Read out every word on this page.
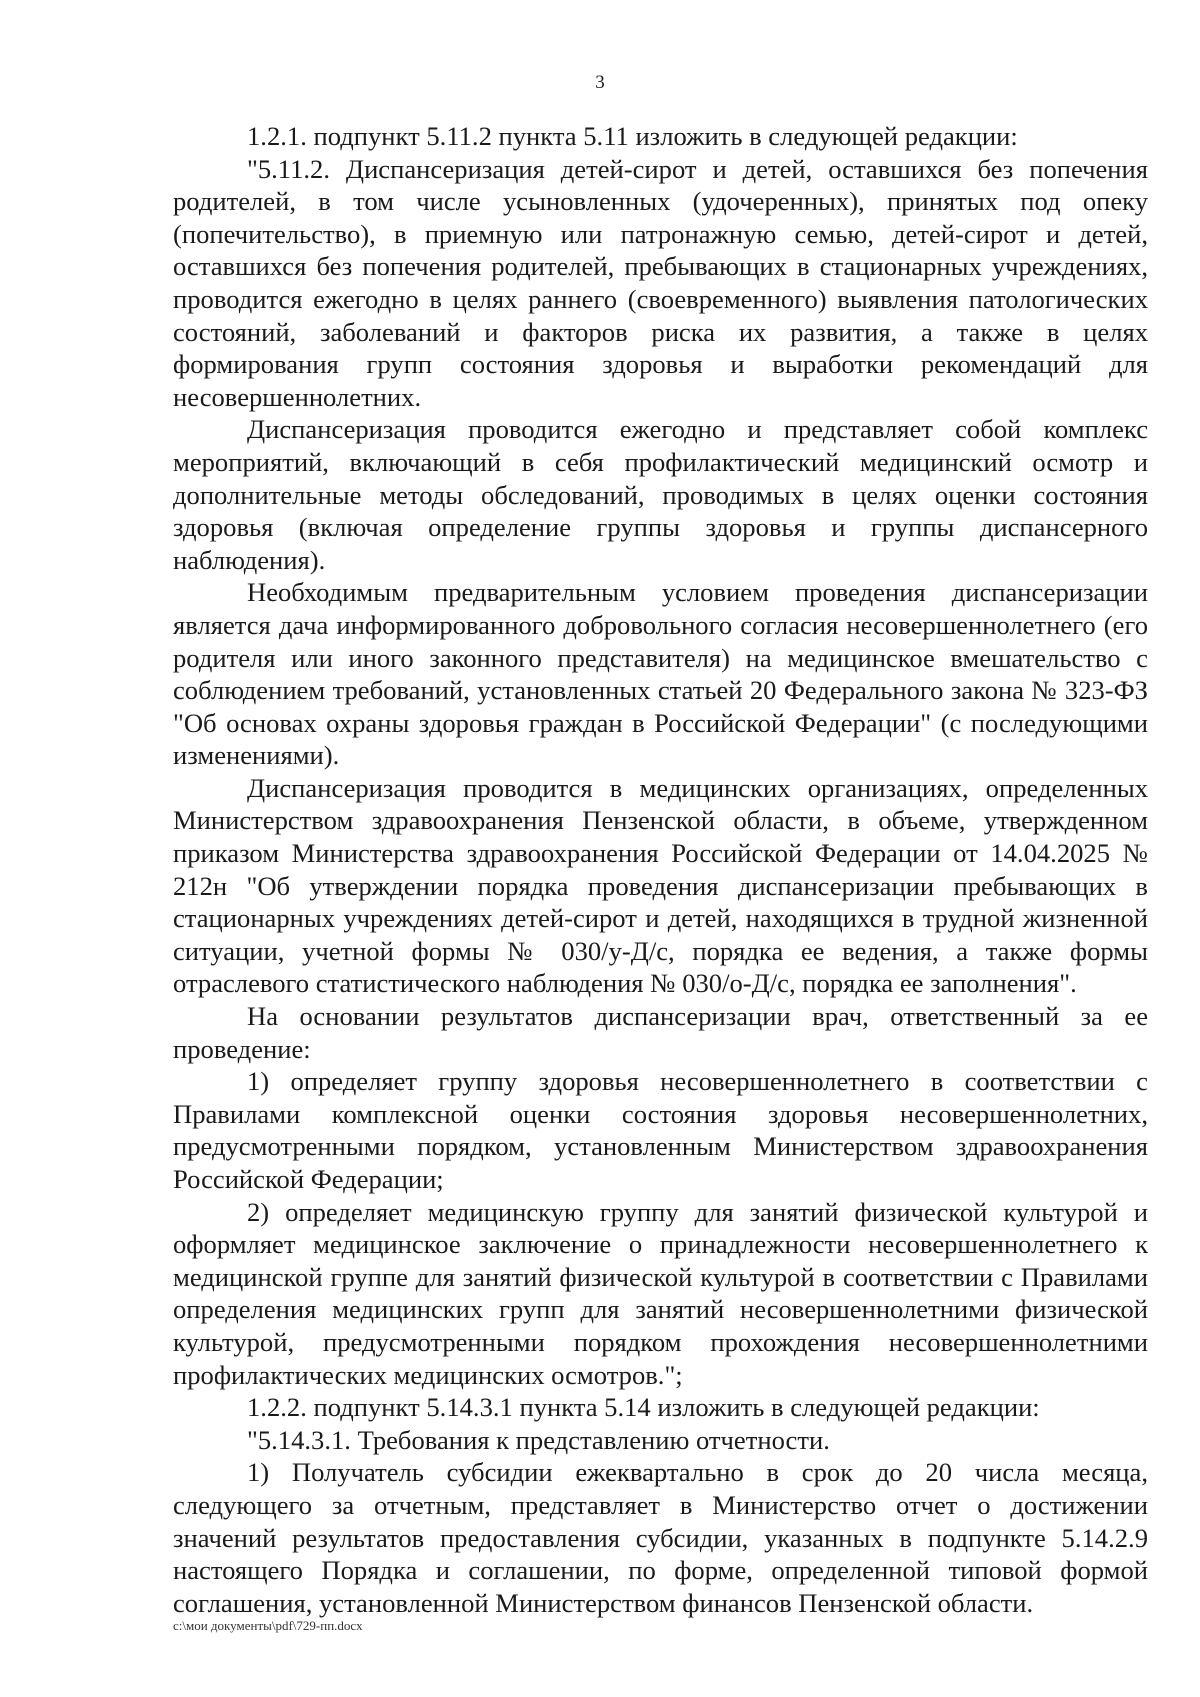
3

1.2.1. подпункт 5.11.2 пункта 5.11 изложить в следующей редакции:

"5.11.2. Диспансеризация детей-сирот и детей, оставшихся без попечения родителей, в том числе усыновленных (удочеренных), принятых под опеку (попечительство), в приемную или патронажную семью, детей-сирот и детей, оставшихся без попечения родителей, пребывающих в стационарных учреждениях, проводится ежегодно в целях раннего (своевременного) выявления патологических состояний, заболеваний и факторов риска их развития, а также в целях формирования групп состояния здоровья и выработки рекомендаций для несовершеннолетних.

Диспансеризация проводится ежегодно и представляет собой комплекс мероприятий, включающий в себя профилактический медицинский осмотр и дополнительные методы обследований, проводимых в целях оценки состояния здоровья (включая определение группы здоровья и группы диспансерного наблюдения).

Необходимым предварительным условием проведения диспансеризации является дача информированного добровольного согласия несовершеннолетнего (его родителя или иного законного представителя) на медицинское вмешательство с соблюдением требований, установленных статьей 20 Федерального закона № 323-ФЗ "Об основах охраны здоровья граждан в Российской Федерации" (с последующими изменениями).

Диспансеризация проводится в медицинских организациях, определенных Министерством здравоохранения Пензенской области, в объеме, утвержденном приказом Министерства здравоохранения Российской Федерации от 14.04.2025 № 212н "Об утверждении порядка проведения диспансеризации пребывающих в стационарных учреждениях детей-сирот и детей, находящихся в трудной жизненной ситуации, учетной формы № 030/у-Д/с, порядка ее ведения, а также формы отраслевого статистического наблюдения № 030/о-Д/с, порядка ее заполнения".

На основании результатов диспансеризации врач, ответственный за ее проведение:

1) определяет группу здоровья несовершеннолетнего в соответствии с Правилами комплексной оценки состояния здоровья несовершеннолетних, предусмотренными порядком, установленным Министерством здравоохранения Российской Федерации;

2) определяет медицинскую группу для занятий физической культурой и оформляет медицинское заключение о принадлежности несовершеннолетнего к медицинской группе для занятий физической культурой в соответствии с Правилами определения медицинских групп для занятий несовершеннолетними физической культурой, предусмотренными порядком прохождения несовершеннолетними профилактических медицинских осмотров.";

1.2.2. подпункт 5.14.3.1 пункта 5.14 изложить в следующей редакции:

"5.14.3.1. Требования к представлению отчетности.

1) Получатель субсидии ежеквартально в срок до 20 числа месяца, следующего за отчетным, представляет в Министерство отчет о достижении значений результатов предоставления субсидии, указанных в подпункте 5.14.2.9 настоящего Порядка и соглашении, по форме, определенной типовой формой соглашения, установленной Министерством финансов Пензенской области.

c:\мои документы\pdf\729-пп.docx
